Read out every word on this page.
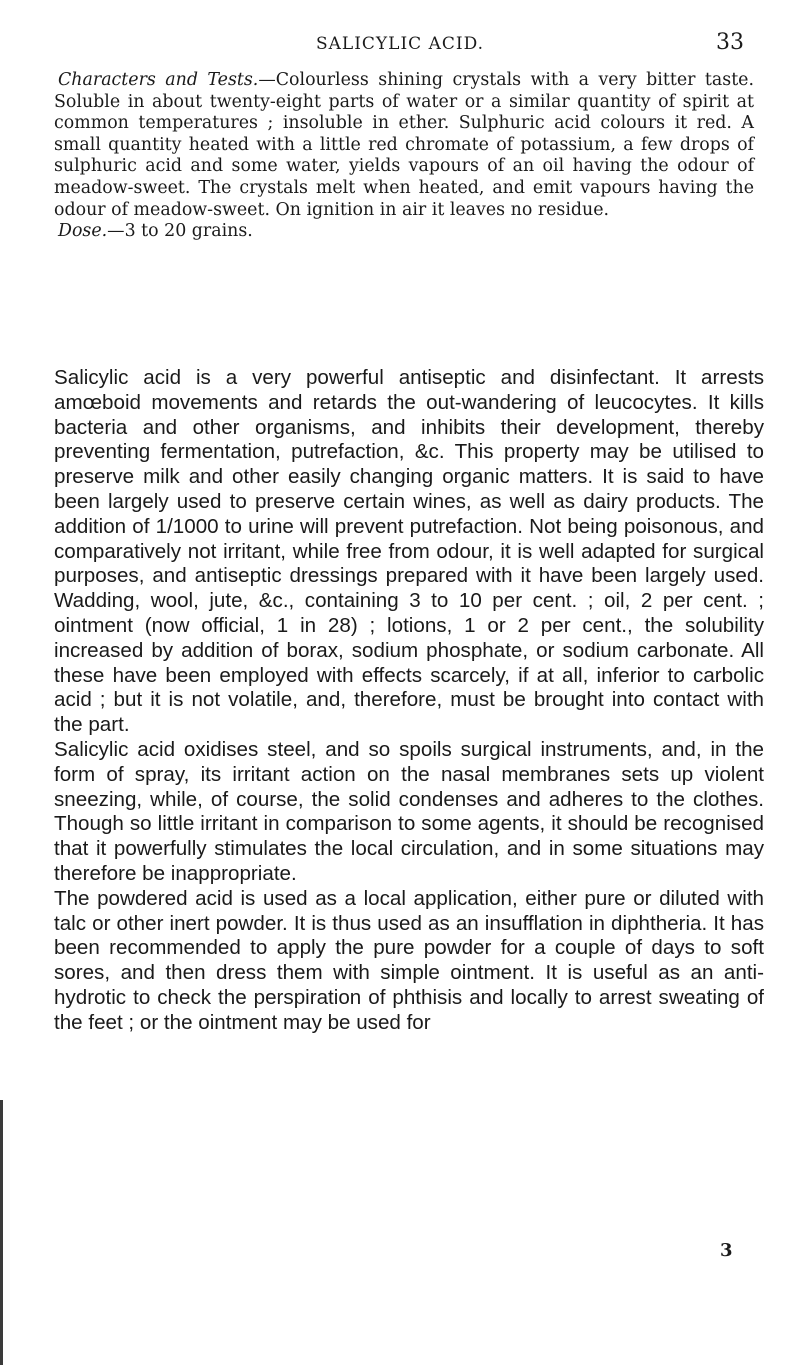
SALICYLIC ACID.	33

Characters and Tests.—Colourless shining crystals with a very bitter taste. Soluble in about twenty-eight parts of water or a similar quantity of spirit at common temperatures ; insoluble in ether. Sulphuric acid colours it red. A small quantity heated with a little red chromate of potassium, a few drops of sulphuric acid and some water, yields vapours of an oil having the odour of meadow-sweet. The crystals melt when heated, and emit vapours having the odour of meadow-sweet. On ignition in air it leaves no residue.

Dose.—3 to 20 grains.

Salicylic acid is a very powerful antiseptic and disinfectant. It arrests amœboid movements and retards the out-wandering of leucocytes. It kills bacteria and other organisms, and inhibits their development, thereby preventing fermentation, putrefaction, &c. This property may be utilised to preserve milk and other easily changing organic matters. It is said to have been largely used to preserve certain wines, as well as dairy products. The addition of 1/1000 to urine will prevent putrefaction. Not being poisonous, and comparatively not irritant, while free from odour, it is well adapted for surgical purposes, and antiseptic dressings prepared with it have been largely used. Wadding, wool, jute, &c., containing 3 to 10 per cent. ; oil, 2 per cent. ; ointment (now official, 1 in 28) ; lotions, 1 or 2 per cent., the solubility increased by addition of borax, sodium phosphate, or sodium carbonate. All these have been employed with effects scarcely, if at all, inferior to carbolic acid ; but it is not volatile, and, therefore, must be brought into contact with the part.

Salicylic acid oxidises steel, and so spoils surgical instruments, and, in the form of spray, its irritant action on the nasal membranes sets up violent sneezing, while, of course, the solid condenses and adheres to the clothes. Though so little irritant in comparison to some agents, it should be recognised that it powerfully stimulates the local circulation, and in some situations may therefore be inappropriate.

The powdered acid is used as a local application, either pure or diluted with talc or other inert powder. It is thus used as an insufflation in diphtheria. It has been recommended to apply the pure powder for a couple of days to soft sores, and then dress them with simple ointment. It is useful as an anti-hydrotic to check the perspiration of phthisis and locally to arrest sweating of the feet ; or the ointment may be used for

3
